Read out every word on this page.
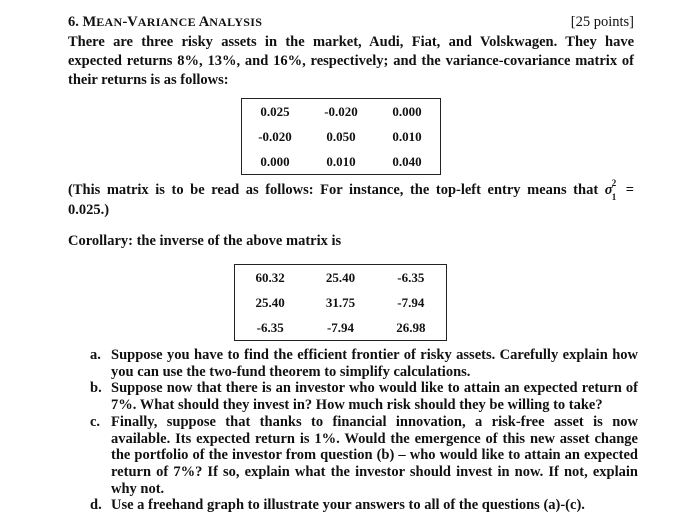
6. MEAN-VARIANCE ANALYSIS	[25 points]
There are three risky assets in the market, Audi, Fiat, and Volskwagen. They have
expected returns 8%, 13%, and 16%, respectively; and the variance-covariance matrix of
their returns is as follows:
0.025	-0.020	0.000
-0.020	0.050	0.010
0.000	0.010	0.040
(This matrix is to be read as follows: For instance, the top-left entry means that σ 2
1 =
0.025.)
Corollary: the inverse of the above matrix is
60.32	25.40	-6.35
25.40	31.75	-7.94
-6.35	-7.94	26.98
a. Suppose you have to find the efficient frontier of risky assets. Carefully explain how
you can use the two-fund theorem to simplify calculations.
b. Suppose now that there is an investor who would like to attain an expected return of
7%. What should they invest in? How much risk should they be willing to take?
c. Finally, suppose that thanks to financial innovation, a risk-free asset is now
available. Its expected return is 1%. Would the emergence of this new asset change
the portfolio of the investor from question (b) – who would like to attain an expected
return of 7%? If so, explain what the investor should invest in now. If not, explain
why not.
d. Use a freehand graph to illustrate your answers to all of the questions (a)-(c).
